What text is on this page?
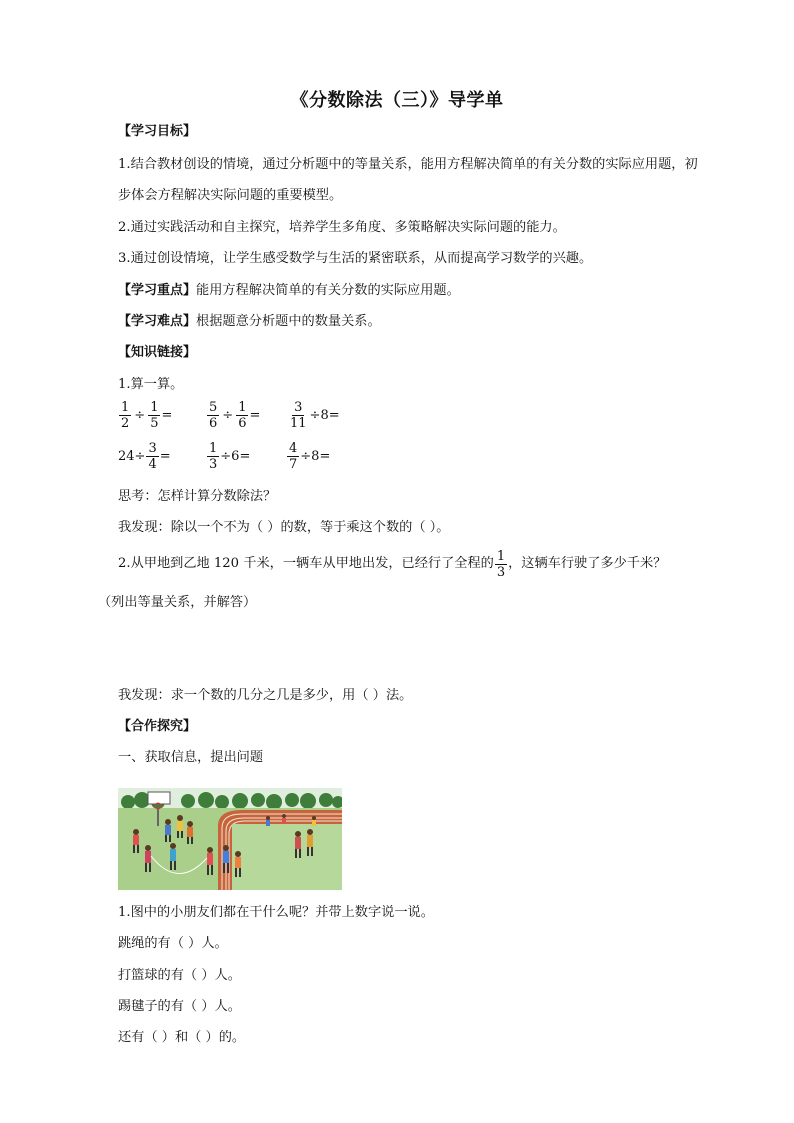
《分数除法（三）》导学单
【学习目标】
1.结合教材创设的情境，通过分析题中的等量关系，能用方程解决简单的有关分数的实际应用题，初
步体会方程解决实际问题的重要模型。
2.通过实践活动和自主探究，培养学生多角度、多策略解决实际问题的能力。
3.通过创设情境，让学生感受数学与生活的紧密联系，从而提高学习数学的兴趣。
【学习重点】能用方程解决简单的有关分数的实际应用题。
【学习难点】根据题意分析题中的数量关系。
【知识链接】
1.算一算。
$\frac{1}{2} \div \frac{1}{5}$ =	$\frac{5}{6} \div \frac{1}{6} = \frac{3}{11} \div 8=$
$24\div \frac{3}{4}$ =	$\frac{1}{3} \div 6=$	$\frac{4}{7} \div 8=$
思考：怎样计算分数除法？
我发现：除以一个不为（ ）的数，等于乘这个数的（ ）。
2.从甲地到乙地 120 千米，一辆车从甲地出发，已经行了全程的 $\frac{1}{3}$ ，这辆车行驶了多少千米？
（列出等量关系，并解答）
我发现：求一个数的几分之几是多少，用（ ）法。
【合作探究】
一、获取信息，提出问题
1.图中的小朋友们都在干什么呢？并带上数字说一说。
跳绳的有（ ）人。
打篮球的有（ ）人。
踢毽子的有（ ）人。
还有（ ）和（ ）的。
